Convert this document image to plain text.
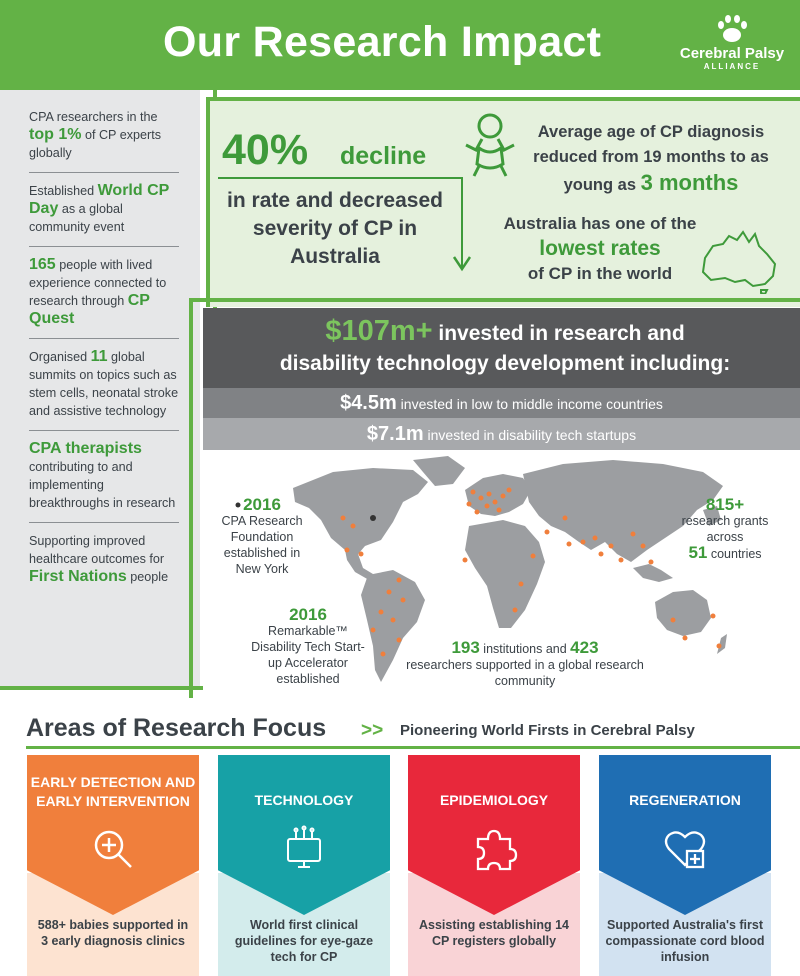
Our Research Impact	Cerebral Palsy
ALLIANCE
CPA researchers in the top 1% of CP experts globally
Established World CP Day as a global community event
165 people with lived experience connected to research through CP Quest
Organised 11 global summits on topics such as stem cells, neonatal stroke and assistive technology
CPA therapists contributing to and implementing breakthroughs in research
Supporting improved healthcare outcomes for First Nations people
40% decline
in rate and decreased severity of CP in Australia
Average age of CP diagnosis reduced from 19 months to as young as 3 months
Australia has one of the
lowest rates
of CP in the world
$107m+ invested in research and
disability technology development including:
$4.5m invested in low to middle income countries
$7.1m invested in disability tech startups
2016
CPA Research Foundation established in New York
2016
Remarkable™ Disability Tech Start-up Accelerator established
815+
research grants across
51 countries
193 institutions and 423
researchers supported in a global research community
Areas of Research Focus >> Pioneering World Firsts in Cerebral Palsy
EARLY DETECTION AND EARLY INTERVENTION
588+ babies supported in 3 early diagnosis clinics
TECHNOLOGY
World first clinical guidelines for eye-gaze tech for CP
EPIDEMIOLOGY
Assisting establishing 14 CP registers globally
REGENERATION
Supported Australia's first compassionate cord blood infusion
